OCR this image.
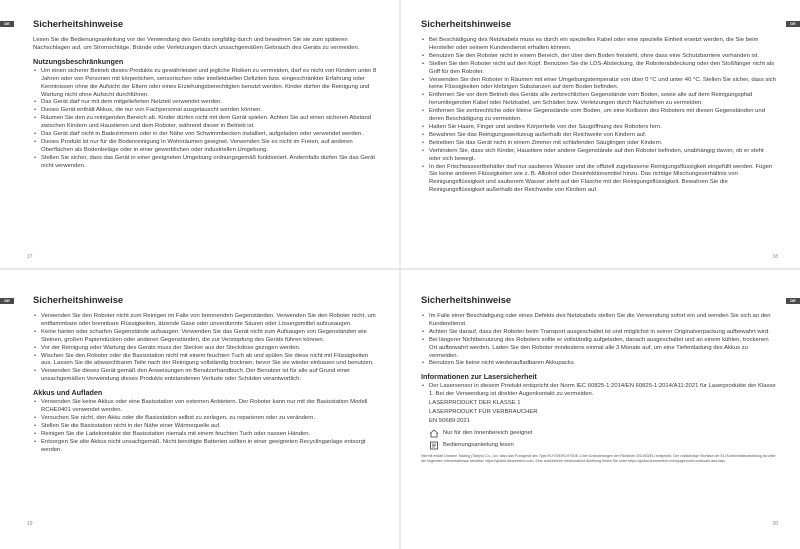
DE	Sicherheitshinweise

Lesen Sie die Bedienungsanleitung vor der Verwendung des Geräts sorgfältig durch und bewahren Sie sie zum späteren Nachschlagen auf, um Stromschläge, Brände oder Verletzungen durch unsachgemäßen Gebrauch des Geräts zu vermeiden.

Nutzungsbeschränkungen
• Um einen sicherer Betrieb dieses Produkts zu gewährleistet und jegliche Risiken zu vermeiden, darf es nicht von Kindern unter 8 Jahren oder von Personen mit körperlichen, sensorischen oder intellektuellen Defiziten bzw. eingeschränkter Erfahrung oder Kenntnissen ohne die Aufsicht der Eltern oder eines Erziehungsberechtigten benutzt werden. Kinder dürfen die Reinigung und Wartung nicht ohne Aufsicht durchführen.
• Das Gerät darf nur mit dem mitgelieferten Netzteil verwendet werden.
• Dieses Gerät enthält Akkus, die nur von Fachpersonal ausgetauscht werden können.
• Räumen Sie den zu reinigenden Bereich ab. Kinder dürfen nicht mit dem Gerät spielen. Achten Sie auf einen sicheren Abstand zwischen Kindern und Haustieren und dem Roboter, während dieser in Betrieb ist.
• Das Gerät darf nicht in Badezimmern oder in der Nähe von Schwimmbecken installiert, aufgeladen oder verwendet werden.
• Dieses Produkt ist nur für die Bodenreinigung in Wohnräumen geeignet. Verwenden Sie es nicht im Freien, auf anderen Oberflächen als Bodenbeläge oder in einer gewerblichen oder industriellen Umgebung.
• Stellen Sie sicher, dass das Gerät in einer geeigneten Umgebung ordnungsgemäß funktioniert. Andernfalls dürfen Sie das Gerät nicht verwenden.
17
DE
Sicherheitshinweise
• Bei Beschädigung des Netzkabels muss es durch ein spezielles Kabel oder eine spezielle Einheit ersetzt werden, die Sie beim Hersteller oder seinem Kundendienst erhalten können.
• Benutzen Sie den Roboter nicht in einem Bereich, der über dem Boden freisteht, ohne dass eine Schutzbarriere vorhanden ist.
• Stellen Sie den Roboter nicht auf den Kopf. Benutzen Sie die LDS-Abdeckung, die Roboterabdeckung oder den Stoßfänger nicht als Griff für den Roboter.
• Verwenden Sie den Roboter in Räumen mit einer Umgebungstemperatur von über 0 °C und unter 40 °C. Stellen Sie sicher, dass sich keine Flüssigkeiten oder klebrigen Substanzen auf dem Boden befinden.
• Entfernen Sie vor dem Betrieb des Geräts alle zerbrechlichen Gegenstände vom Boden, sowie alle auf dem Reinigungspfad herumliegenden Kabel oder Netzkabel, um Schäden bzw. Verletzungen durch Nachziehen zu vermeiden.
• Entfernen Sie zerbrechliche oder kleine Gegenstände vom Boden, um eine Kollision des Roboters mit diesen Gegenständen und deren Beschädigung zu vermeiden.
• Halten Sie Haare, Finger und andere Körperteile von der Saugöffnung des Roboters fern.
• Bewahren Sie das Reinigungswerkzeug außerhalb der Reichweite von Kindern auf.
• Betreiben Sie das Gerät nicht in einem Zimmer mit schlafenden Säuglingen oder Kindern.
• Verhindern Sie, dass sich Kinder, Haustiere oder andere Gegenstände auf den Roboter befinden, unabhängig davon, ob er steht oder sich bewegt.
• In den Frischwassertbehälter darf nur sauberes Wasser und die offiziell zugelassene Reinigungsflüssigkeit eingefüllt werden. Fügen Sie keine anderen Flüssigkeiten wie z. B. Alkohol oder Desinfektionsmittel hinzu. Das richtige Mischungsverhältnis von Reinigungsflüssigkeit und sauberem Wasser steht auf der Flasche mit der Reinigungsflüssigkeit. Bewahren Sie die Reinigungsflüssigkeit außerhalb der Reichweite von Kindern auf.
18
DE	Sicherheitshinweise
• Verwenden Sie den Roboter nicht zum Reinigen im Falle von brennenden Gegenständen. Verwenden Sie den Roboter nicht, um entflammbare oder brennbare Flüssigkeiten, ätzende Gase oder unverdünnte Säuren oder Lösungsmittel aufzusaugen.
• Keine harten oder scharfen Gegenstände aufsaugen. Verwenden Sie das Gerät nicht zum Aufsaugen von Gegenständen wie Steinen, großen Papierstücken oder anderen Gegenständen, die zur Verstopfung des Geräts führen können.
• Vor der Reinigung oder Wartung des Geräts muss der Stecker aus der Steckdose gezogen werden.
• Wischen Sie den Roboter oder die Basisstation nicht mit einem feuchten Tuch ab und spülen Sie diese nicht mit Flüssigkeiten aus. Lassen Sie die abwaschbaren Teile nach der Reinigung vollständig trocknen, bevor Sie sie wieder einbauen und benutzen.
• Verwenden Sie dieses Gerät gemäß den Anweisungen im Benutzerhandbuch. Der Benutzer ist für alle auf Grund einer unsachgemäßen Verwendung dieses Produkts entstandenen Verluste oder Schäden verantwortlich.
Akkus und Aufladen
• Verwenden Sie keine Akkus oder eine Basisstation von externen Anbietern. Der Roboter kann nur mit der Basisstation Modell RCHE0401 verwendet werden.
• Versuchen Sie nicht, den Akku oder die Basisstation selbst zu zerlegen, zu reparieren oder zu verändern.
• Stellen Sie die Basisstation nicht in der Nähe einer Wärmequelle auf.
• Reinigen Sie die Ladekontakte der Basisstation niemals mit einem feuchten Tuch oder nassen Händen.
• Entsorgen Sie alte Akkus nicht unsachgemäß. Nicht benötigte Batterien sollten in einer geeigneten Recyclinganlage entsorgt werden.
19
DE
Sicherheitshinweise
• Im Falle einer Beschädigung oder eines Defekts des Netzkabels stellen Sie die Verwendung sofort ein und wenden Sie sich an den Kundendienst.
• Achten Sie darauf, dass der Roboter beim Transport ausgeschaltet ist und möglichst in seiner Originalverpackung aufbewahrt wird.
• Bei längerer Nichtbenutzung des Roboters sollte er vollständig aufgeladen, danach ausgeschaltet und an einem kühlen, trockenen Ort aufbewahrt werden. Laden Sie den Roboter mindestens einmal alle 3 Monate auf, um eine Tiefentladung des Akkus zu vermeiden.
• Benutzen Sie keine nicht wiederaufladbaren Akkupacks.
Informationen zur Lasersicherheit
• Der Lasersensor in diesem Produkt entspricht der Norm IEC 60825-1:2014/EN 60825-1:2014/A11:2021 für Laserprodukte der Klasse 1. Bei der Verwendung ist direkter Augenkontakt zu vermeiden.
LASERPRODUKT DER KLASSE 1
LASERPRODUKT FÜR VERBRAUCHER
EN 50689:2021
Nur für den Innenbereich geeignet
Bedienungsanleitung lesen

Hiermit erklärt Dreame Trading (Tianjin) Co., Ltd. dass das Funkgerät des Typs RLH70E/RLH70DE-1 den Anforderungen der Richtlinie 2014/53/EU entspricht. Der vollständige Wortlaut der EU-Konformitätserklärung ist unter der folgenden Internetadresse abrufbar: https://global.dreametech.com. Eine ausführliche elektronische Anleitung finden Sie unter https://global.dreametech.com/pages/user-manuals-and-faqs

20
